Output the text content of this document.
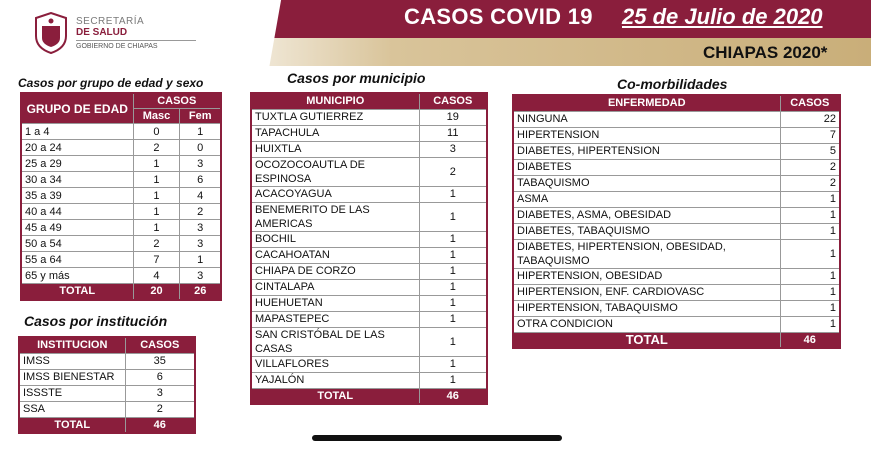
SECRETARÍA
DE SALUD
GOBIERNO DE CHIAPAS
CASOS COVID 19 25 de Julio de 2020
CHIAPAS 2020*
Casos por grupo de edad y sexo
GRUPO DE EDAD	CASOS	
	Masc	Fem
1 a 4	0	1
20 a 24	2	0
25 a 29	1	3
30 a 34	1	6
35 a 39	1	4
40 a 44	1	2
45 a 49	1	3
50 a 54	2	3
55 a 64	7	1
65 y más	4	3
TOTAL	20	26
Casos por institución
INSTITUCION	CASOS
IMSS	35
IMSS BIENESTAR	6
ISSSTE	3
SSA	2
TOTAL	46
Casos por municipio
MUNICIPIO	CASOS
TUXTLA GUTIERREZ	19
TAPACHULA	11
HUIXTLA	3
OCOZOCOAUTLA DE ESPINOSA	2
ACACOYAGUA	1
BENEMERITO DE LAS AMERICAS	1
BOCHIL	1
CACAHOATAN	1
CHIAPA DE CORZO	1
CINTALAPA	1
HUEHUETAN	1
MAPASTEPEC	1
SAN CRISTÓBAL DE LAS CASAS	1
VILLAFLORES	1
YAJALÓN	1
TOTAL	46
Co-morbilidades
ENFERMEDAD	CASOS
NINGUNA	22
HIPERTENSION	7
DIABETES, HIPERTENSION	5
DIABETES	2
TABAQUISMO	2
ASMA	1
DIABETES, ASMA, OBESIDAD	1
DIABETES, TABAQUISMO	1
DIABETES, HIPERTENSION, OBESIDAD, TABAQUISMO	1
HIPERTENSION, OBESIDAD	1
HIPERTENSION, ENF. CARDIOVASC	1
HIPERTENSION, TABAQUISMO	1
OTRA CONDICION	1
TOTAL	46
